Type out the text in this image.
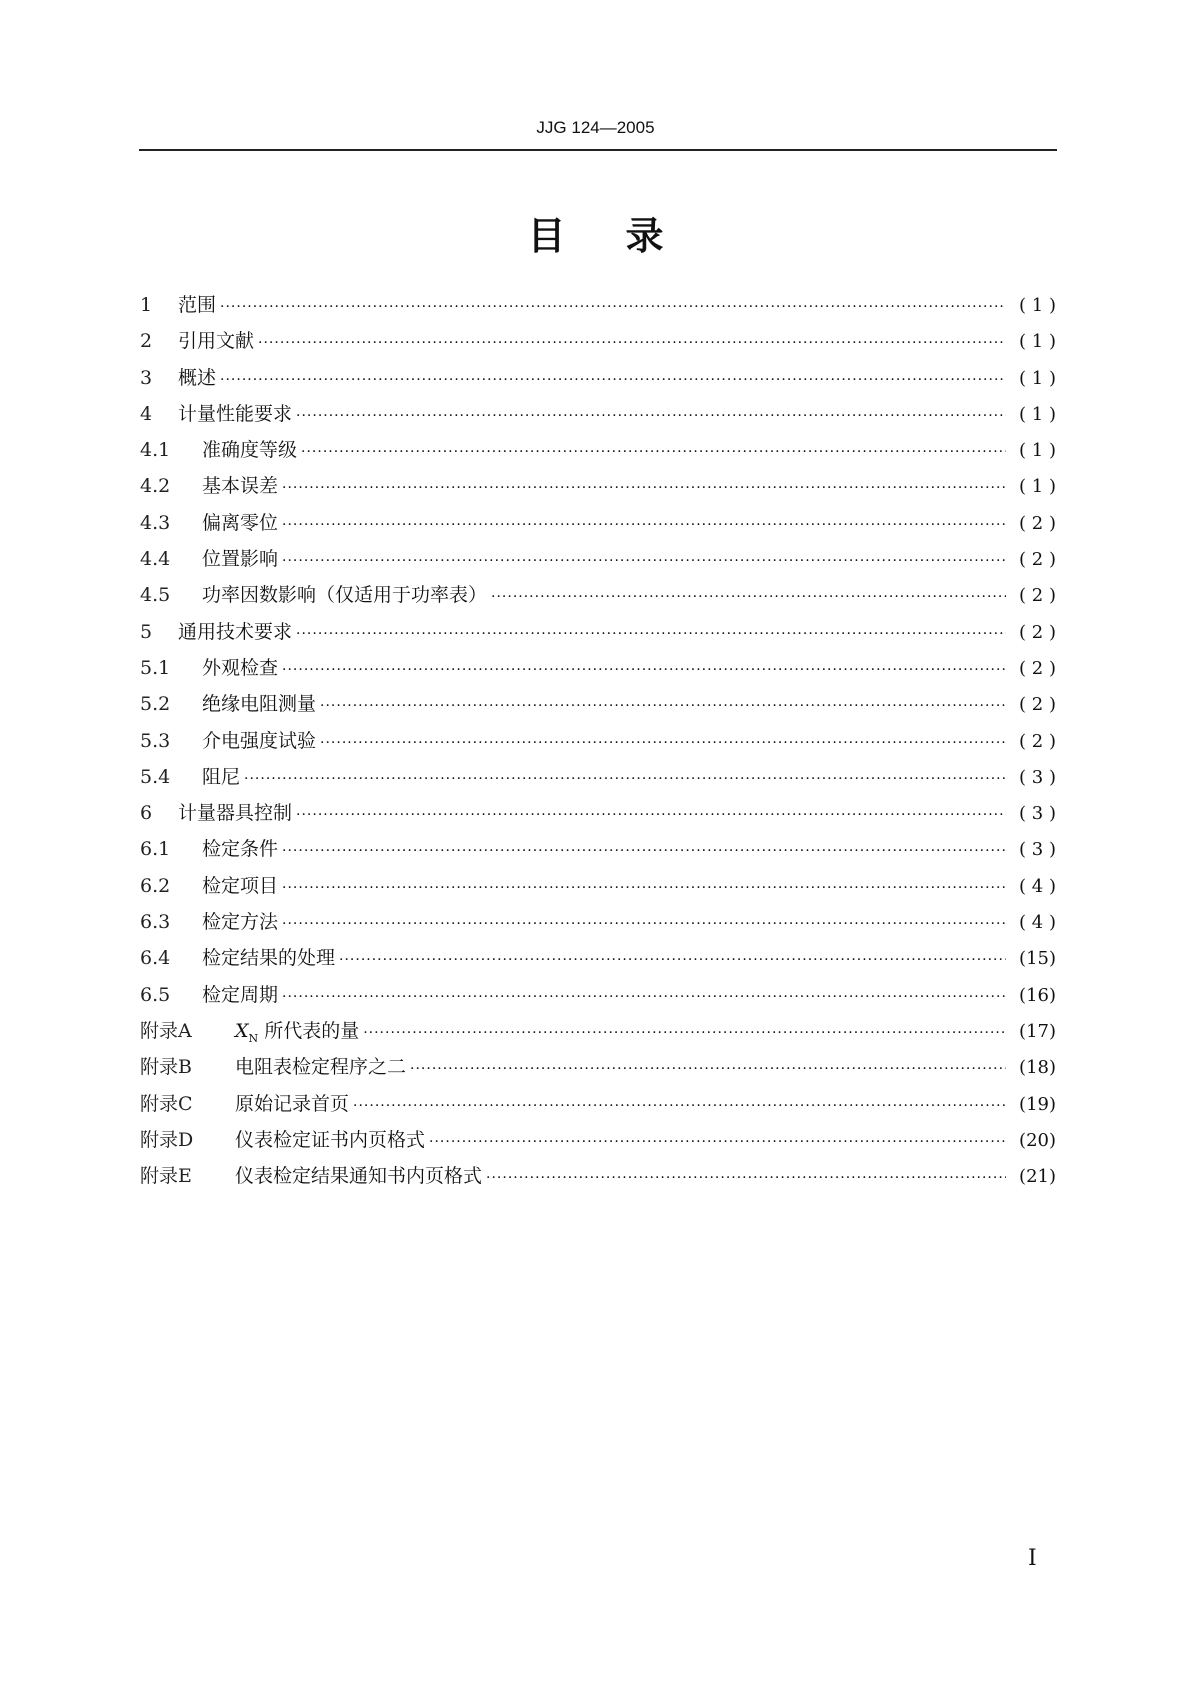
JJG 124—2005
目录
1	范围 ·····	( 1 )
2	引用文献 ·····	( 1 )
3	概述 ·····	( 1 )
4	计量性能要求 ·····	( 1 )
4.1	准确度等级 ·····	( 1 )
4.2	基本误差 ·····	( 1 )
4.3	偏离零位 ·····	( 2 )
4.4	位置影响 ·····	( 2 )
4.5	功率因数影响（仅适用于功率表） ·····	( 2 )
5	通用技术要求 ·····	( 2 )
5.1	外观检查 ·····	( 2 )
5.2	绝缘电阻测量 ·····	( 2 )
5.3	介电强度试验 ·····	( 2 )
5.4	阻尼 ·····	( 3 )
6	计量器具控制 ·····	( 3 )
6.1	检定条件 ·····	( 3 )
6.2	检定项目 ·····	( 4 )
6.3	检定方法 ·····	( 4 )
6.4	检定结果的处理 ·····	(15)
6.5	检定周期 ·····	(16)
附录A	$X_N$ 所代表的量 ·····	(17)
附录B	电阻表检定程序之二 ·····	(18)
附录C	原始记录首页 ·····	(19)
附录D	仪表检定证书内页格式 ·····	(20)
附录E	仪表检定结果通知书内页格式 ·····	(21)
I
